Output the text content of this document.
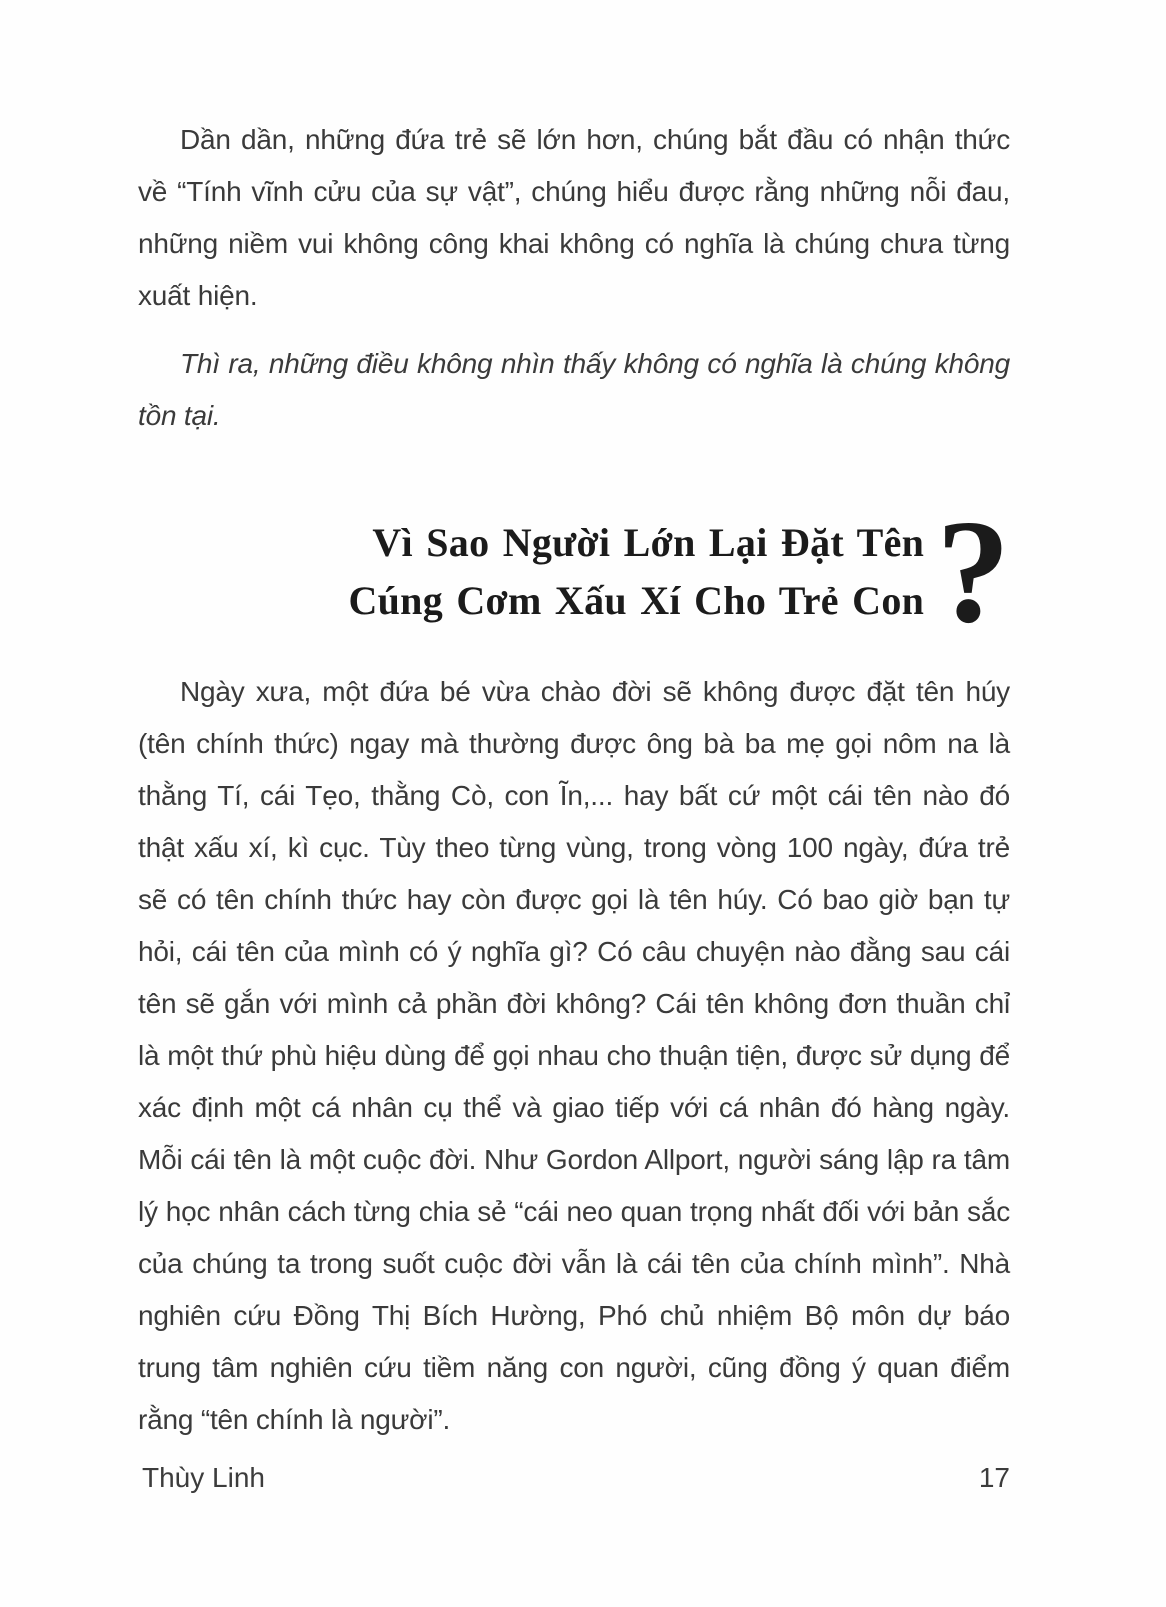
Dần dần, những đứa trẻ sẽ lớn hơn, chúng bắt đầu có nhận thức về “Tính vĩnh cửu của sự vật”, chúng hiểu được rằng những nỗi đau, những niềm vui không công khai không có nghĩa là chúng chưa từng xuất hiện.

Thì ra, những điều không nhìn thấy không có nghĩa là chúng không tồn tại.

Vì Sao Người Lớn Lại Đặt Tên
Cúng Cơm Xấu Xí Cho Trẻ Con ?

Ngày xưa, một đứa bé vừa chào đời sẽ không được đặt tên húy (tên chính thức) ngay mà thường được ông bà ba mẹ gọi nôm na là thằng Tí, cái Tẹo, thằng Cò, con Ĩn,... hay bất cứ một cái tên nào đó thật xấu xí, kì cục. Tùy theo từng vùng, trong vòng 100 ngày, đứa trẻ sẽ có tên chính thức hay còn được gọi là tên húy. Có bao giờ bạn tự hỏi, cái tên của mình có ý nghĩa gì? Có câu chuyện nào đằng sau cái tên sẽ gắn với mình cả phần đời không? Cái tên không đơn thuần chỉ là một thứ phù hiệu dùng để gọi nhau cho thuận tiện, được sử dụng để xác định một cá nhân cụ thể và giao tiếp với cá nhân đó hàng ngày. Mỗi cái tên là một cuộc đời. Như Gordon Allport, người sáng lập ra tâm lý học nhân cách từng chia sẻ “cái neo quan trọng nhất đối với bản sắc của chúng ta trong suốt cuộc đời vẫn là cái tên của chính mình”. Nhà nghiên cứu Đồng Thị Bích Hường, Phó chủ nhiệm Bộ môn dự báo trung tâm nghiên cứu tiềm năng con người, cũng đồng ý quan điểm rằng “tên chính là người”.

Thùy Linh	17
